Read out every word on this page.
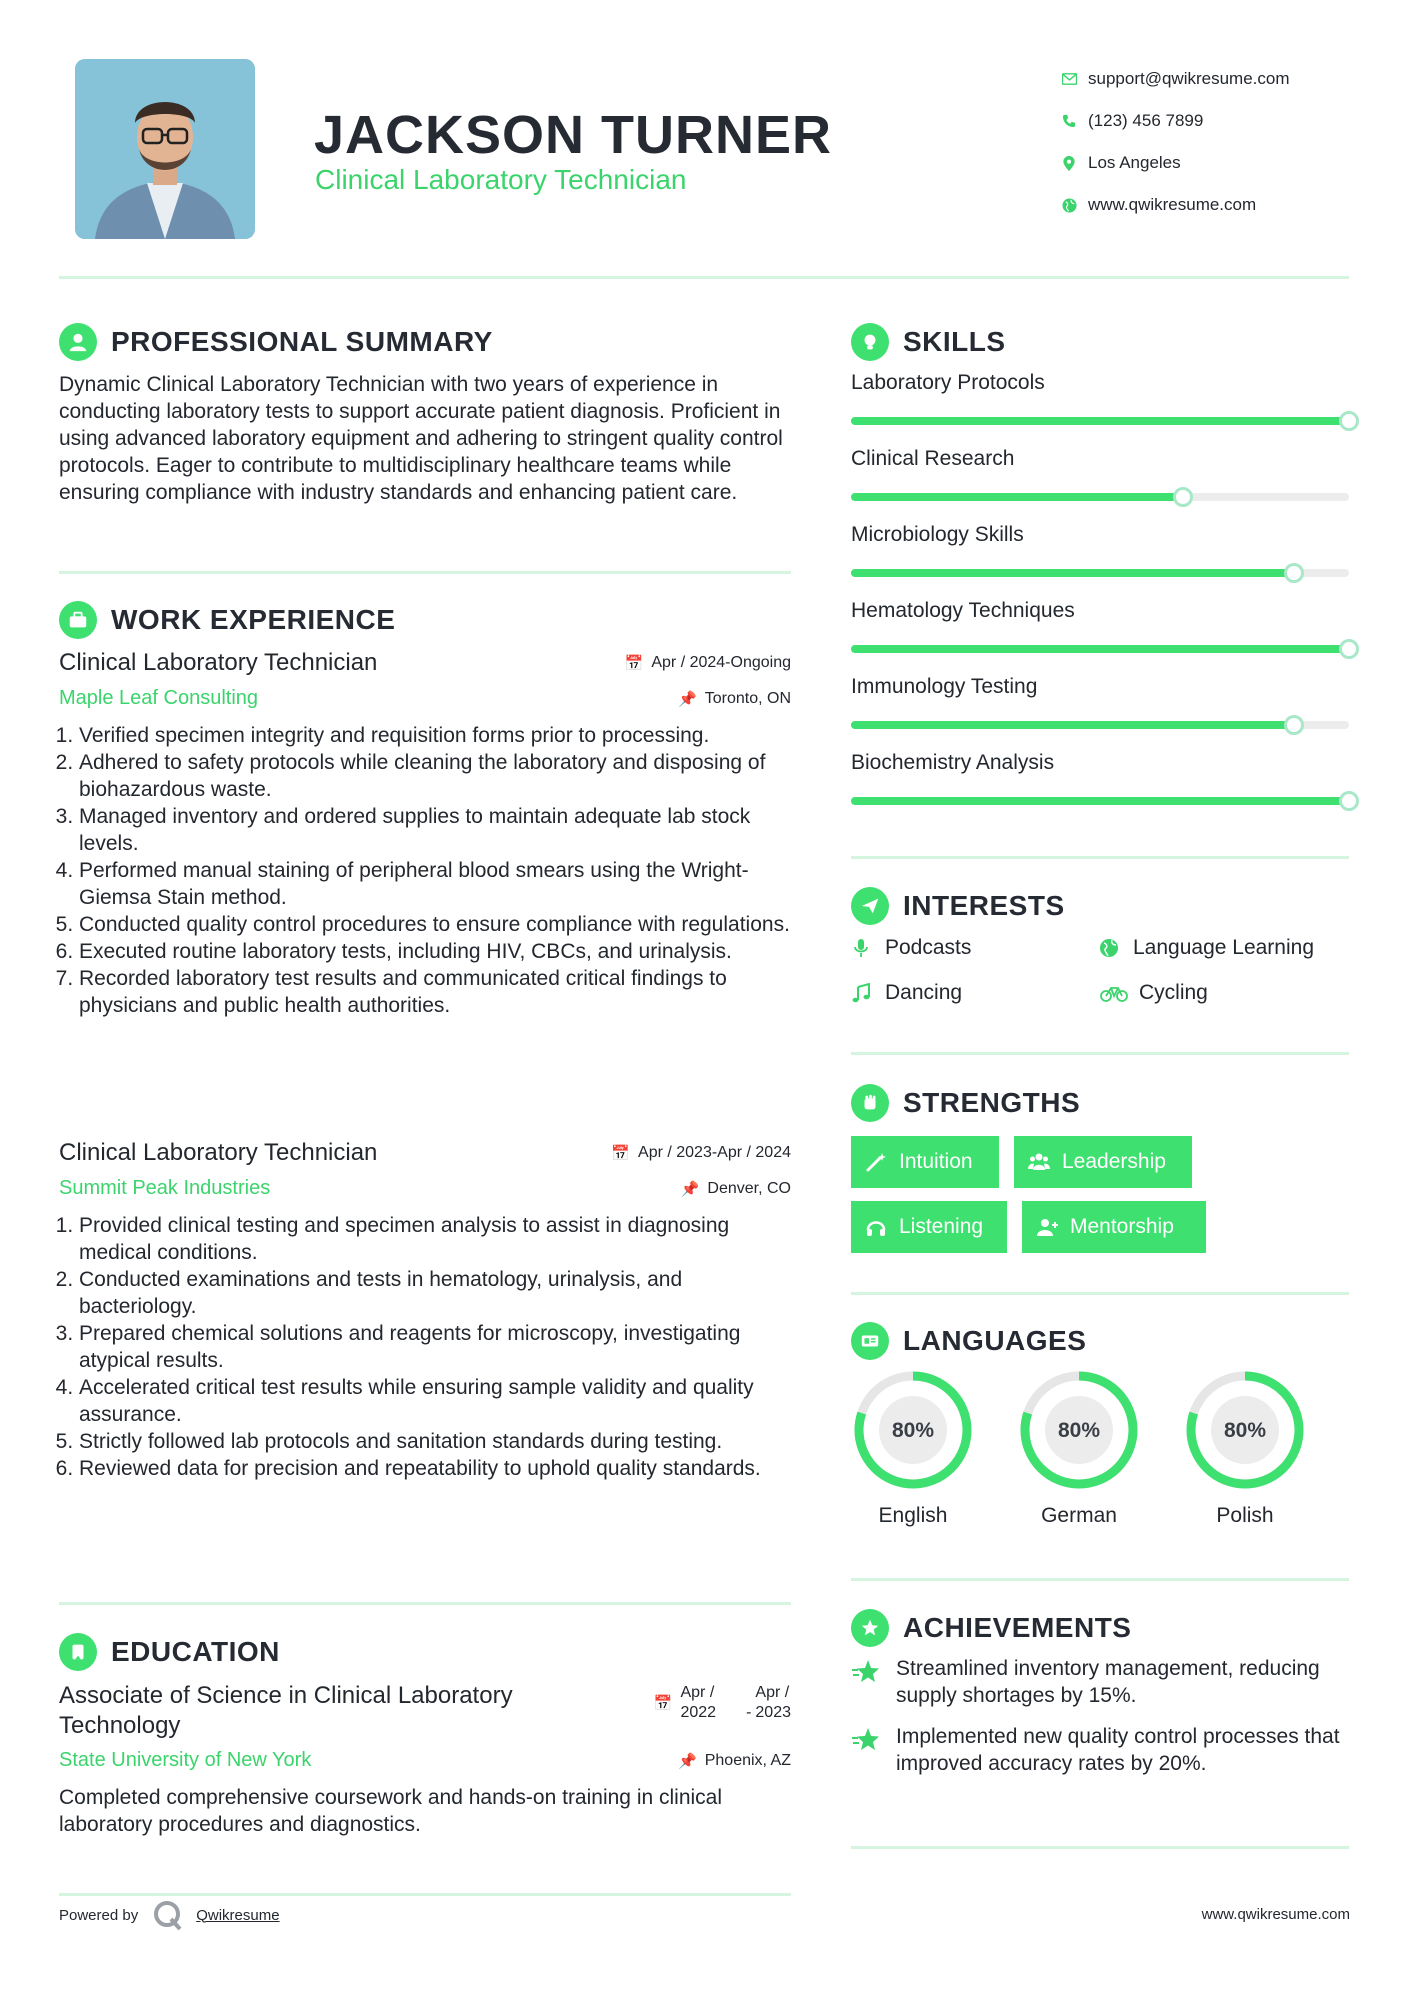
JACKSON TURNER
Clinical Laboratory Technician
support@qwikresume.com
(123) 456 7899
Los Angeles
www.qwikresume.com
PROFESSIONAL SUMMARY
Dynamic Clinical Laboratory Technician with two years of experience in conducting laboratory tests to support accurate patient diagnosis. Proficient in using advanced laboratory equipment and adhering to stringent quality control protocols. Eager to contribute to multidisciplinary healthcare teams while ensuring compliance with industry standards and enhancing patient care.
WORK EXPERIENCE
Clinical Laboratory Technician	📅 Apr / 2024-Ongoing
Maple Leaf Consulting	📌 Toronto, ON
1. Verified specimen integrity and requisition forms prior to processing.
2. Adhered to safety protocols while cleaning the laboratory and disposing of biohazardous waste.
3. Managed inventory and ordered supplies to maintain adequate lab stock levels.
4. Performed manual staining of peripheral blood smears using the Wright-Giemsa Stain method.
5. Conducted quality control procedures to ensure compliance with regulations.
6. Executed routine laboratory tests, including HIV, CBCs, and urinalysis.
7. Recorded laboratory test results and communicated critical findings to physicians and public health authorities.
Clinical Laboratory Technician	📅 Apr / 2023-Apr / 2024
Summit Peak Industries	📌 Denver, CO
1. Provided clinical testing and specimen analysis to assist in diagnosing medical conditions.
2. Conducted examinations and tests in hematology, urinalysis, and bacteriology.
3. Prepared chemical solutions and reagents for microscopy, investigating atypical results.
4. Accelerated critical test results while ensuring sample validity and quality assurance.
5. Strictly followed lab protocols and sanitation standards during testing.
6. Reviewed data for precision and repeatability to uphold quality standards.
EDUCATION
Associate of Science in Clinical Laboratory
Technology
📅
Apr /
2022 -
Apr /
2023
State University of New York	📌 Phoenix, AZ
Completed comprehensive coursework and hands-on training in clinical laboratory procedures and diagnostics.
SKILLS
Laboratory Protocols
Clinical Research
Microbiology Skills
Hematology Techniques
Immunology Testing
Biochemistry Analysis
INTERESTS
Podcasts	Language Learning
Dancing	Cycling
STRENGTHS
Intuition	Leadership
Listening	Mentorship
LANGUAGES
80%
English
80%
German
80%
Polish
ACHIEVEMENTS
Streamlined inventory management, reducing supply shortages by 15%.
Implemented new quality control processes that improved accuracy rates by 20%.
Powered by	Qwikresume	www.qwikresume.com
